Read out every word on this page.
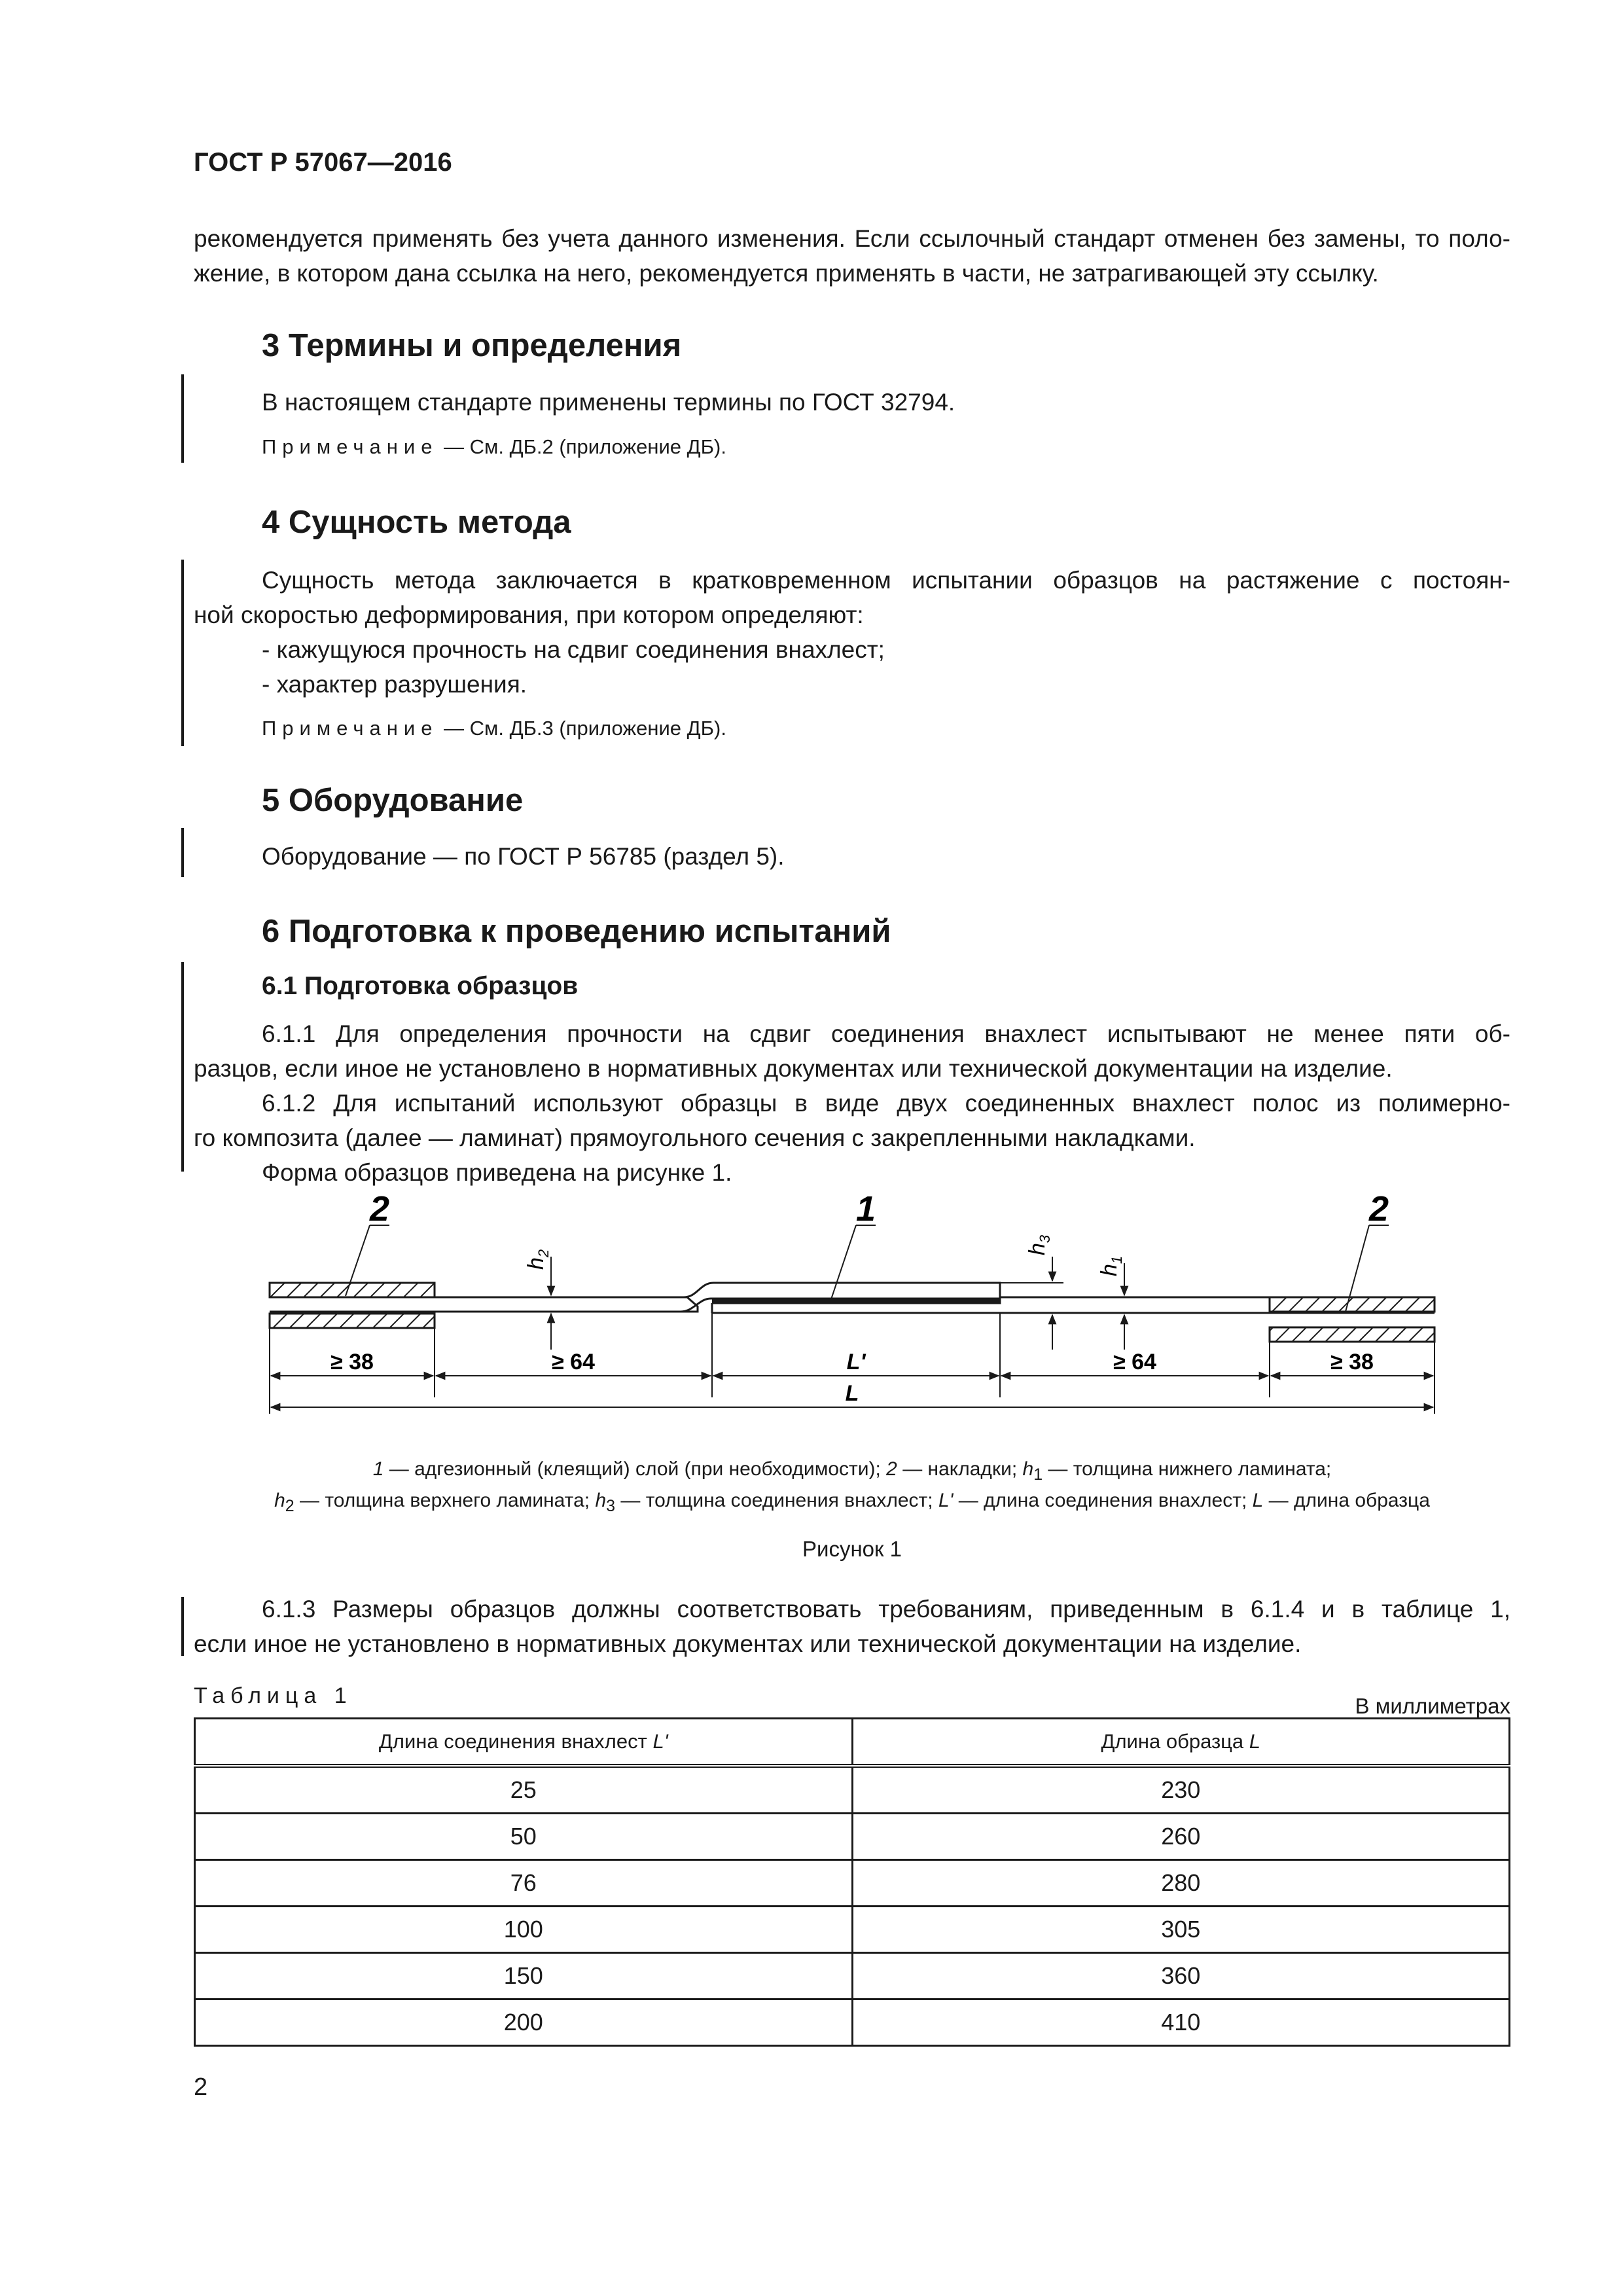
ГОСТ Р 57067—2016

рекомендуется применять без учета данного изменения. Если ссылочный стандарт отменен без замены, то поло-

жение, в котором дана ссылка на него, рекомендуется применять в части, не затрагивающей эту ссылку.

3 Термины и определения
В настоящем стандарте применены термины по ГОСТ 32794.
Примечание — См. ДБ.2 (приложение ДБ).
4 Сущность метода

Сущность метода заключается в кратковременном испытании образцов на растяжение с постоян-

ной скоростью деформирования, при котором определяют:

- кажущуюся прочность на сдвиг соединения внахлест;

- характер разрушения.

Примечание — См. ДБ.3 (приложение ДБ).
5 Оборудование
Оборудование — по ГОСТ Р 56785 (раздел 5).
6 Подготовка к проведению испытаний
6.1 Подготовка образцов

6.1.1 Для определения прочности на сдвиг соединения внахлест испытывают не менее пяти об-

разцов, если иное не установлено в нормативных документах или технической документации на изделие.

6.1.2 Для испытаний используют образцы в виде двух соединенных внахлест полос из полимерно-

го композита (далее — ламинат) прямоугольного сечения с закрепленными накладками.

Форма образцов приведена на рисунке 1.

≥ 38	≥ 64	L'	≥ 64	≥ 38
L
2	1	2
$h_2$	$h_3$
$h_1$
1 — адгезионный (клеящий) слой (при необходимости); 2 — накладки; $h_1$ — толщина нижнего ламината;
$h_2$ — толщина верхнего ламината; $h_3$ — толщина соединения внахлест; L' — длина соединения внахлест; L — длина образца
Рисунок 1

6.1.3 Размеры образцов должны соответствовать требованиям, приведенным в 6.1.4 и в таблице 1,

если иное не установлено в нормативных документах или технической документации на изделие.

Таблица 1	В миллиметрах
Длина соединения внахлест L'	Длина образца L
25	230
50	260
76	280
100	305
150	360
200	410
2
